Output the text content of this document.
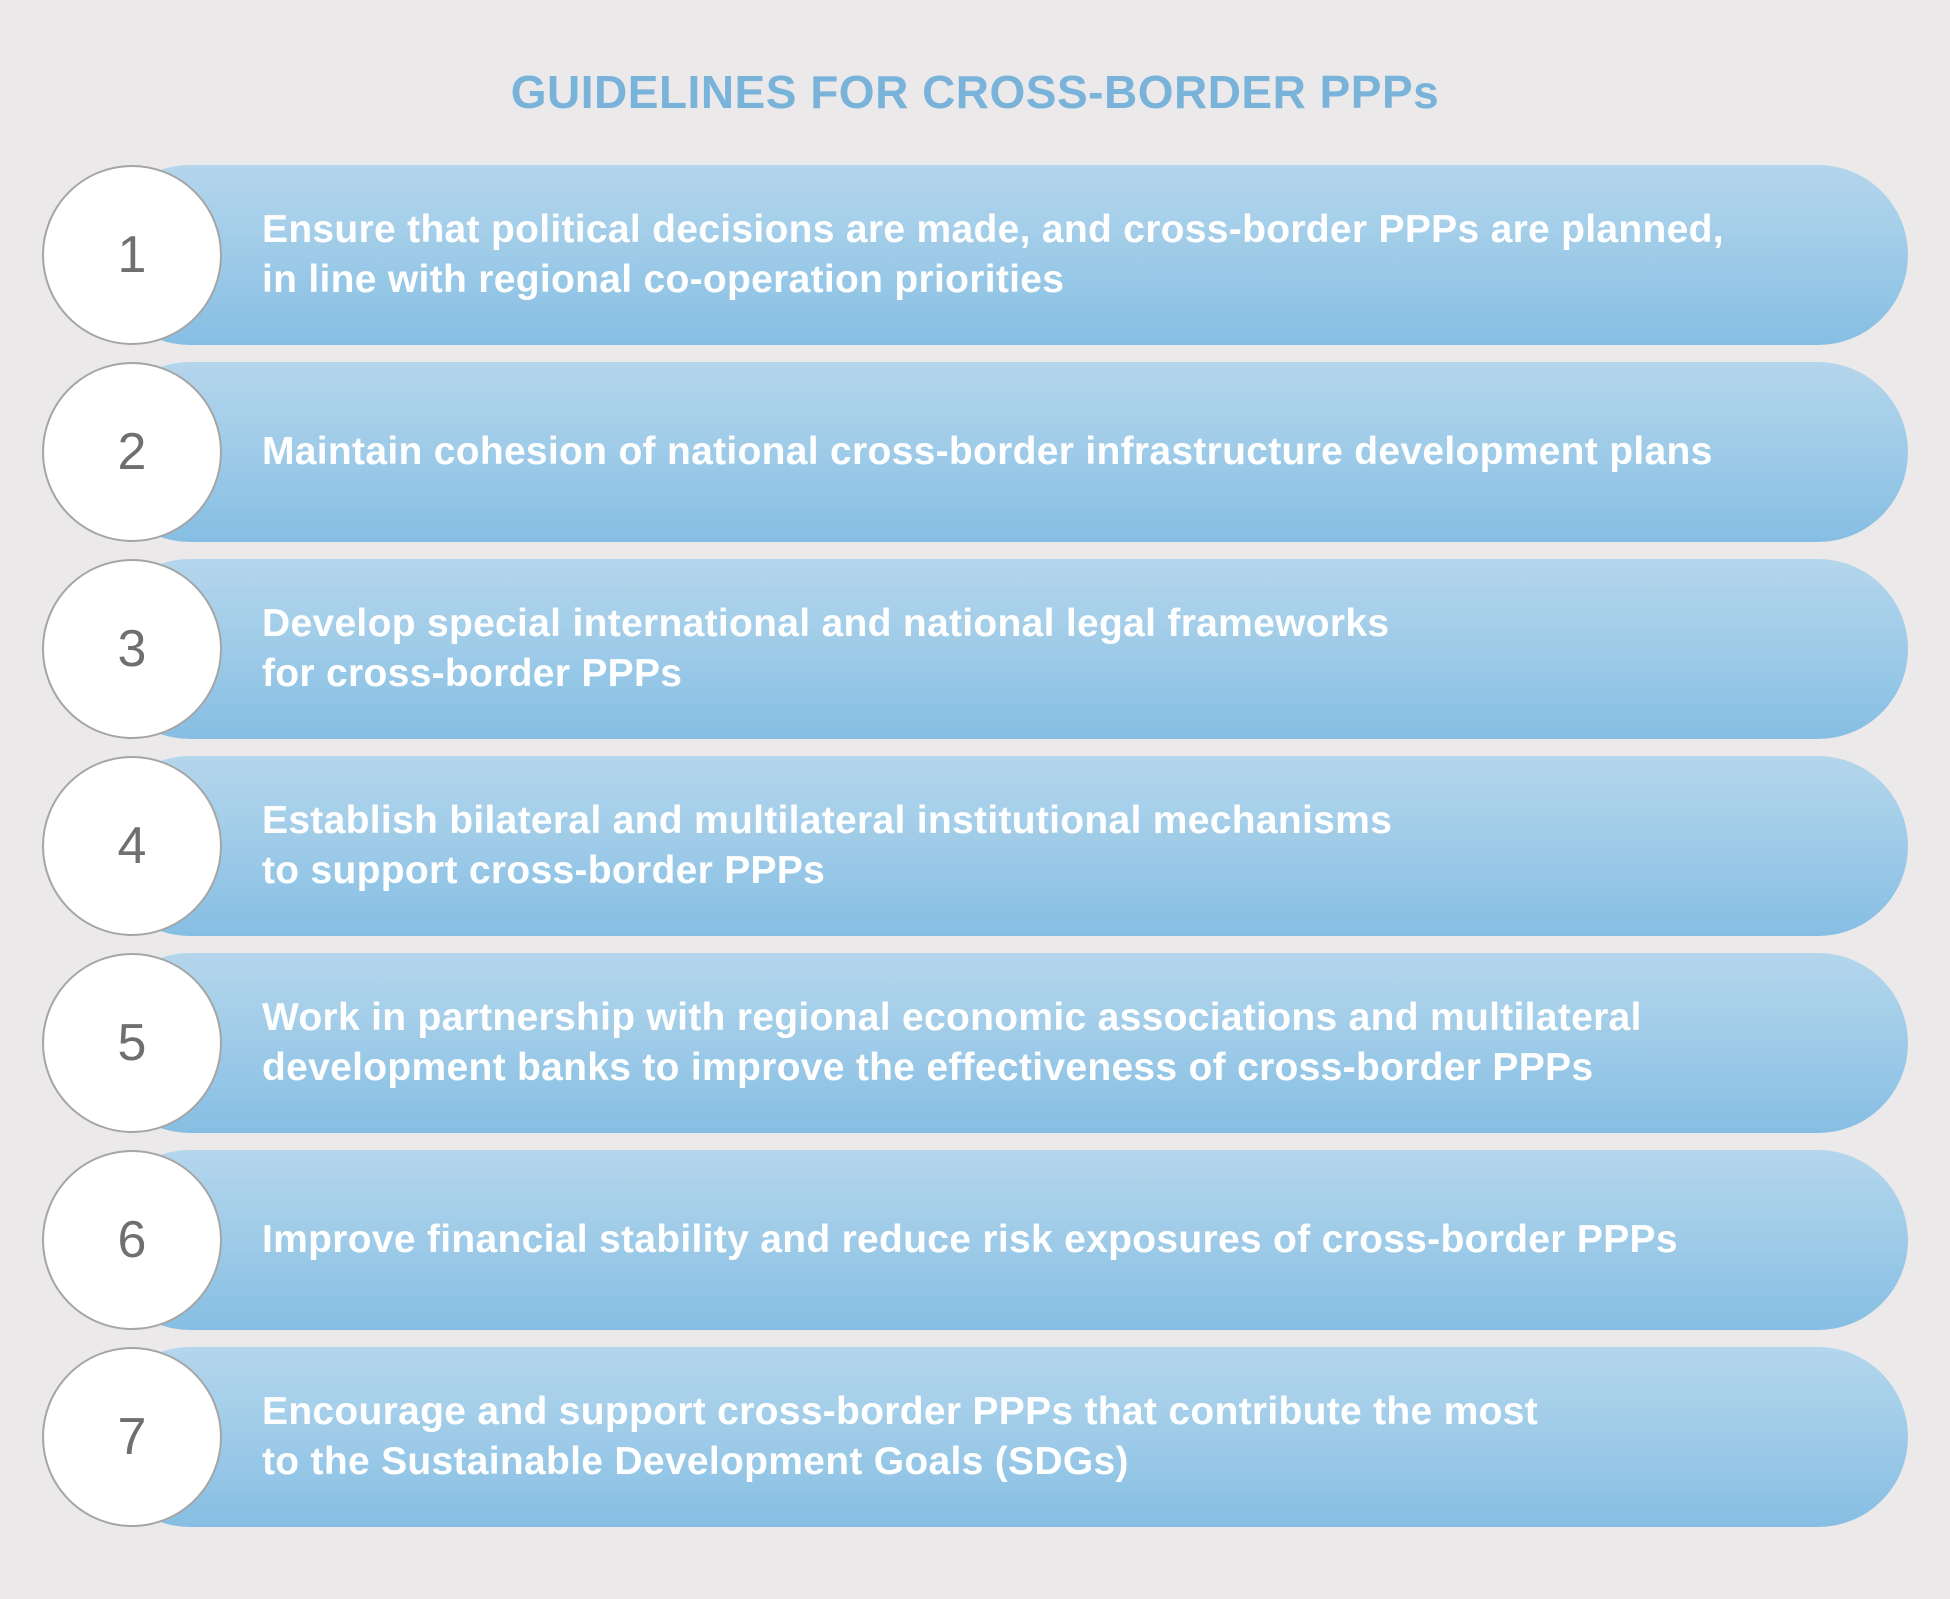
GUIDELINES FOR CROSS-BORDER PPPs
1	Ensure that political decisions are made, and cross-border PPPs are planned,
in line with regional co-operation priorities
2	Maintain cohesion of national cross-border infrastructure development plans
3	Develop special international and national legal frameworks
for cross-border PPPs
4	Establish bilateral and multilateral institutional mechanisms
to support cross-border PPPs
5	Work in partnership with regional economic associations and multilateral
development banks to improve the effectiveness of cross-border PPPs
6	Improve financial stability and reduce risk exposures of cross-border PPPs
7	Encourage and support cross-border PPPs that contribute the most
to the Sustainable Development Goals (SDGs)
